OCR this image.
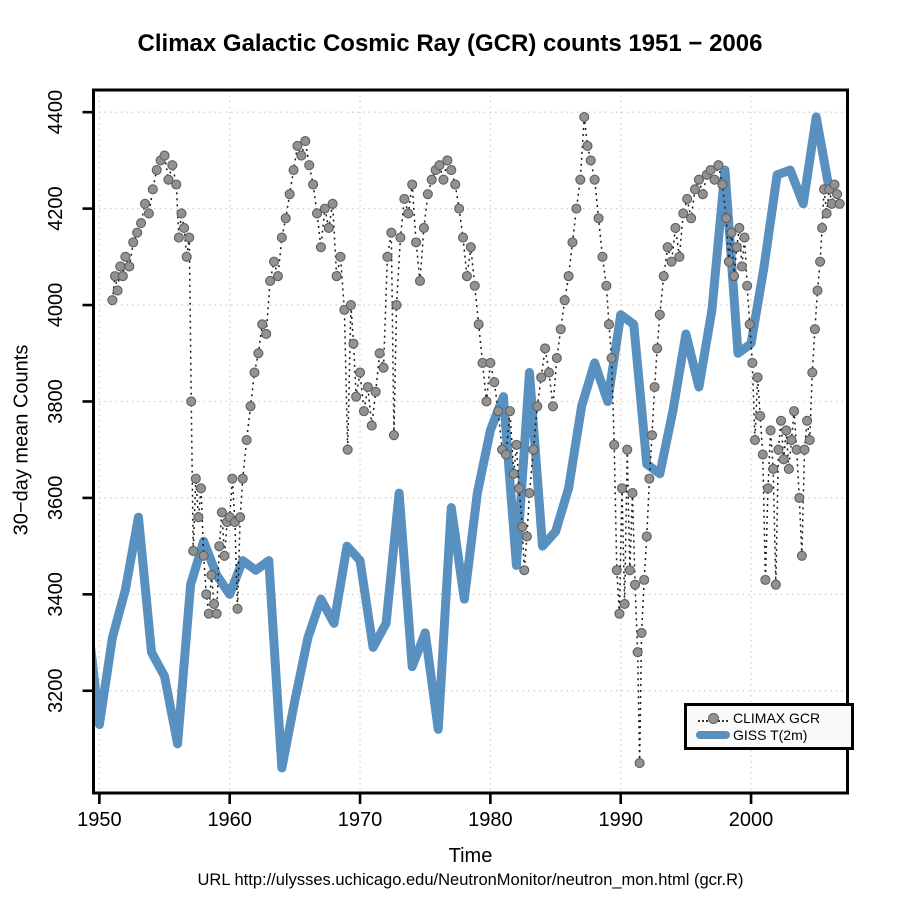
Climax Galactic Cosmic Ray (GCR) counts 1951 − 2006
1950	1960	1970	1980	1990	2000
3200
3400
3600
3800
4000
4200
4400
30−day mean Counts
Time
URL http://ulysses.uchicago.edu/NeutronMonitor/neutron_mon.html (gcr.R)
CLIMAX GCR
GISS T(2m)
